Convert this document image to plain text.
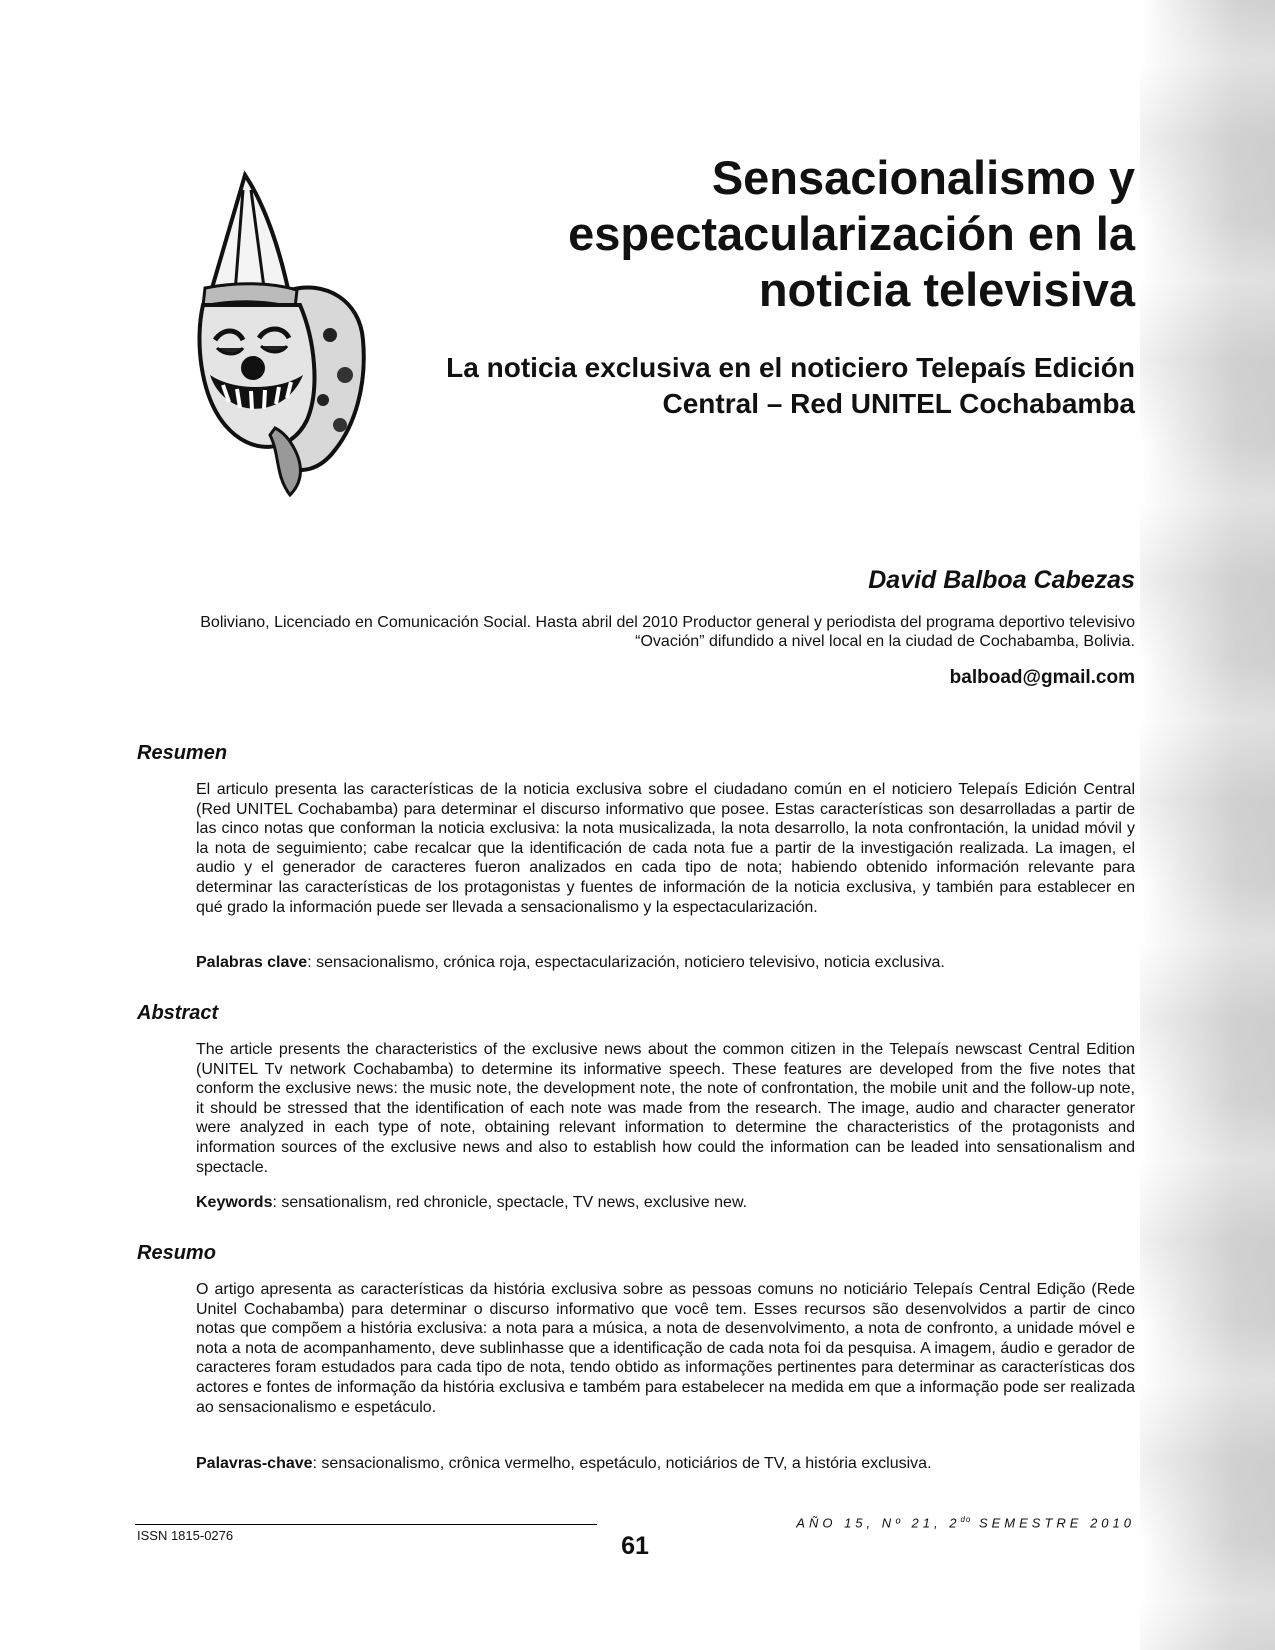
Sensacionalismo y espectacularización en la noticia televisiva
La noticia exclusiva en el noticiero Telepaís Edición Central – Red UNITEL Cochabamba

David Balboa Cabezas

Boliviano, Licenciado en Comunicación Social. Hasta abril del 2010 Productor general y periodista del programa deportivo televisivo “Ovación” difundido a nivel local en la ciudad de Cochabamba, Bolivia.

balboad@gmail.com

Resumen

El articulo presenta las características de la noticia exclusiva sobre el ciudadano común en el noticiero Telepaís Edición Central (Red UNITEL Cochabamba) para determinar el discurso informativo que posee. Estas características son desarrolladas a partir de las cinco notas que conforman la noticia exclusiva: la nota musicalizada, la nota desarrollo, la nota confrontación, la unidad móvil y la nota de seguimiento; cabe recalcar que la identificación de cada nota fue a partir de la investigación realizada. La imagen, el audio y el generador de caracteres fueron analizados en cada tipo de nota; habiendo obtenido información relevante para determinar las características de los protagonistas y fuentes de información de la noticia exclusiva, y también para establecer en qué grado la información puede ser llevada a sensacionalismo y la espectacularización.

Palabras clave: sensacionalismo, crónica roja, espectacularización, noticiero televisivo, noticia exclusiva.

Abstract

The article presents the characteristics of the exclusive news about the common citizen in the Telepaís newscast Central Edition (UNITEL Tv network Cochabamba) to determine its informative speech. These features are developed from the five notes that conform the exclusive news: the music note, the development note, the note of confrontation, the mobile unit and the follow-up note, it should be stressed that the identification of each note was made from the research. The image, audio and character generator were analyzed in each type of note, obtaining relevant information to determine the characteristics of the protagonists and information sources of the exclusive news and also to establish how could the information can be leaded into sensationalism and spectacle.

Keywords: sensationalism, red chronicle, spectacle, TV news, exclusive new.

Resumo

O artigo apresenta as características da história exclusiva sobre as pessoas comuns no noticiário Telepaís Central Edição (Rede Unitel Cochabamba) para determinar o discurso informativo que você tem. Esses recursos são desenvolvidos a partir de cinco notas que compõem a história exclusiva: a nota para a música, a nota de desenvolvimento, a nota de confronto, a unidade móvel e nota a nota de acompanhamento, deve sublinhasse que a identificação de cada nota foi da pesquisa. A imagem, áudio e gerador de caracteres foram estudados para cada tipo de nota, tendo obtido as informações pertinentes para determinar as características dos actores e fontes de informação da história exclusiva e também para estabelecer na medida em que a informação pode ser realizada ao sensacionalismo e espetáculo.

Palavras-chave: sensacionalismo, crônica vermelho, espetáculo, noticiários de TV, a história exclusiva.

ISSN 1815-0276

AÑO 15, Nº 21, $2^{do}$ SEMESTRE 2010

61
